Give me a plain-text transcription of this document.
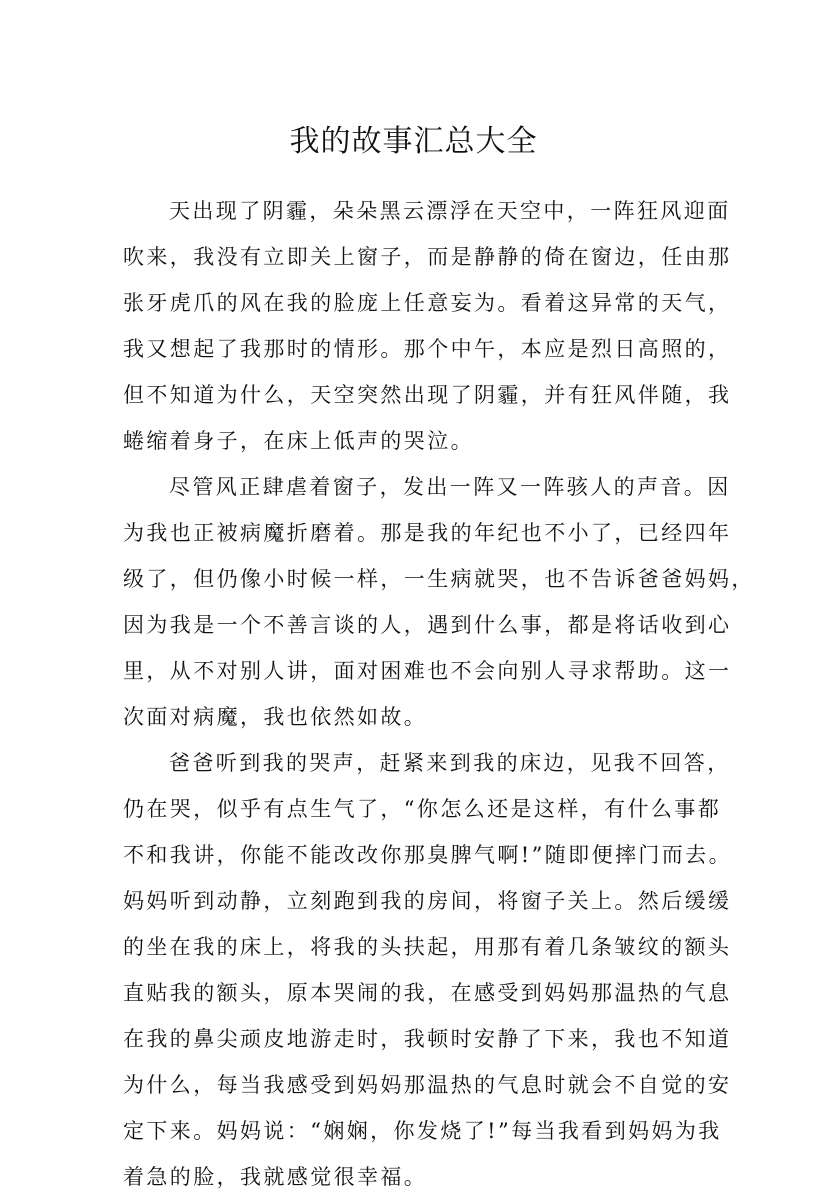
我的故事汇总大全
天出现了阴霾，朵朵黑云漂浮在天空中，一阵狂风迎面
吹来，我没有立即关上窗子，而是静静的倚在窗边，任由那
张牙虎爪的风在我的脸庞上任意妄为。看着这异常的天气，
我又想起了我那时的情形。那个中午，本应是烈日高照的，
但不知道为什么，天空突然出现了阴霾，并有狂风伴随，我
蜷缩着身子，在床上低声的哭泣。
尽管风正肆虐着窗子，发出一阵又一阵骇人的声音。因
为我也正被病魔折磨着。那是我的年纪也不小了，已经四年
级了，但仍像小时候一样，一生病就哭，也不告诉爸爸妈妈，
因为我是一个不善言谈的人，遇到什么事，都是将话收到心
里，从不对别人讲，面对困难也不会向别人寻求帮助。这一
次面对病魔，我也依然如故。
爸爸听到我的哭声，赶紧来到我的床边，见我不回答，
仍在哭，似乎有点生气了，“你怎么还是这样，有什么事都
不和我讲，你能不能改改你那臭脾气啊!”随即便摔门而去。
妈妈听到动静，立刻跑到我的房间，将窗子关上。然后缓缓
的坐在我的床上，将我的头扶起，用那有着几条皱纹的额头
直贴我的额头，原本哭闹的我，在感受到妈妈那温热的气息
在我的鼻尖顽皮地游走时，我顿时安静了下来，我也不知道
为什么，每当我感受到妈妈那温热的气息时就会不自觉的安
定下来。妈妈说：“娴娴，你发烧了!”每当我看到妈妈为我
着急的脸，我就感觉很幸福。
